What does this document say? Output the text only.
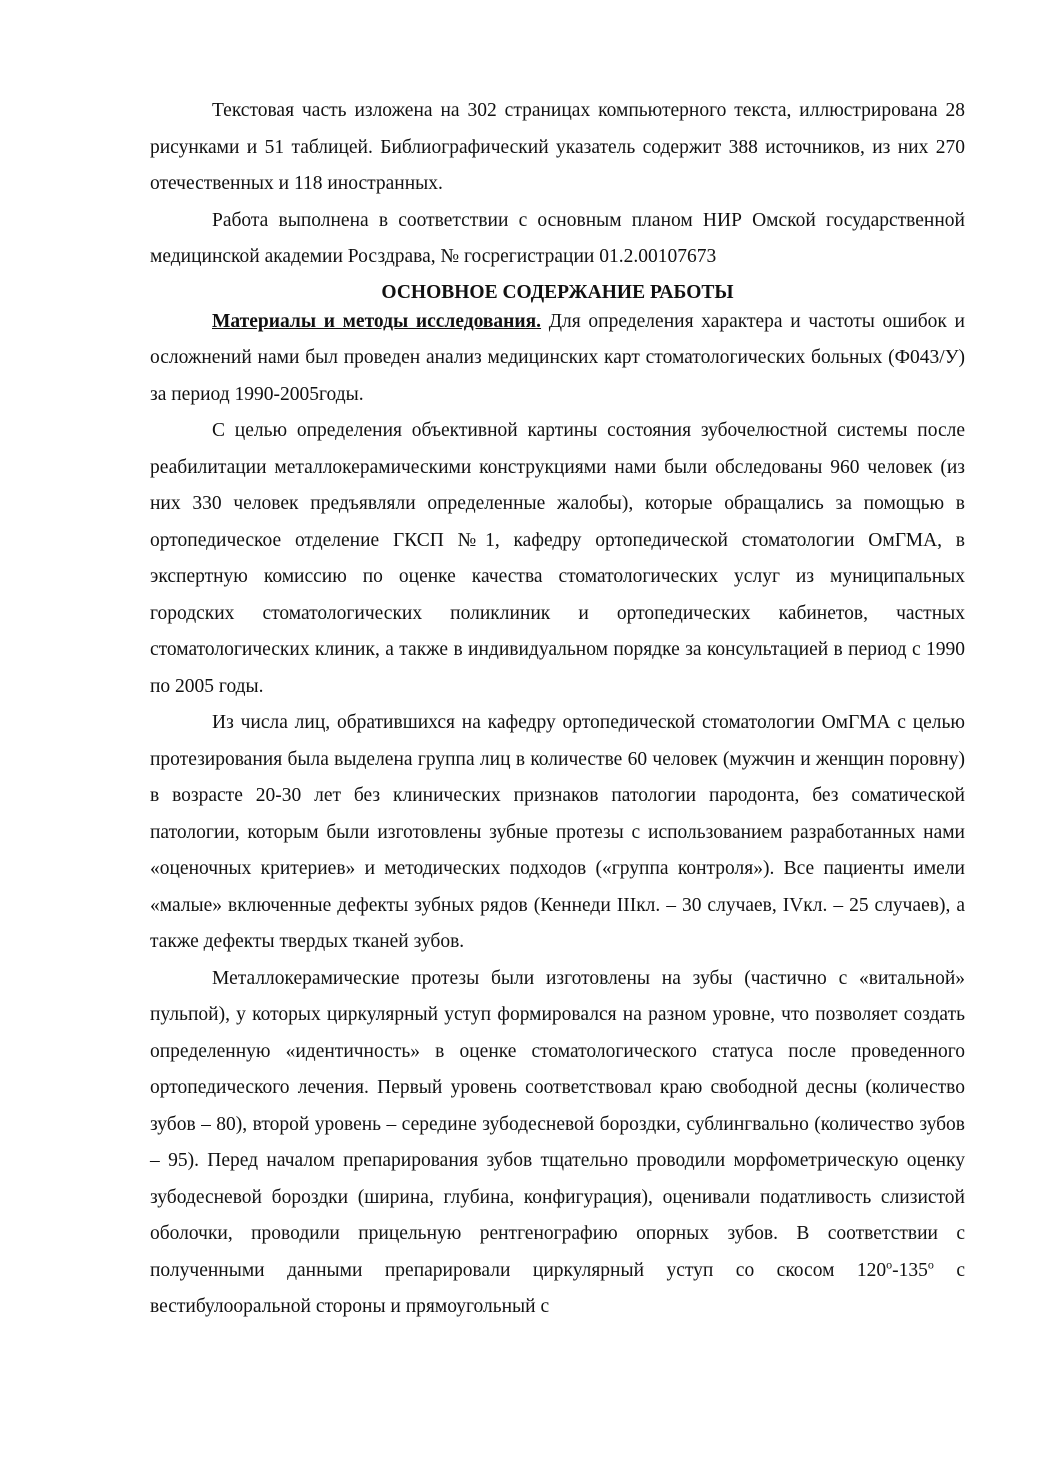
Текстовая часть изложена на 302 страницах компьютерного текста, иллюстрирована 28 рисунками и 51 таблицей. Библиографический указатель содержит 388 источников, из них 270 отечественных и 118 иностранных.

Работа выполнена в соответствии с основным планом НИР Омской государственной медицинской академии Росздрава, № госрегистрации 01.2.00107673

ОСНОВНОЕ СОДЕРЖАНИЕ РАБОТЫ

Материалы и методы исследования. Для определения характера и частоты ошибок и осложнений нами был проведен анализ медицинских карт стоматологических больных (Ф043/У) за период 1990-2005годы.

С целью определения объективной картины состояния зубочелюстной системы после реабилитации металлокерамическими конструкциями нами были обследованы 960 человек (из них 330 человек предъявляли определенные жалобы), которые обращались за помощью в ортопедическое отделение ГКСП №1, кафедру ортопедической стоматологии ОмГМА, в экспертную комиссию по оценке качества стоматологических услуг из муниципальных городских стоматологических поликлиник и ортопедических кабинетов, частных стоматологических клиник, а также в индивидуальном порядке за консультацией в период с 1990 по 2005 годы.

Из числа лиц, обратившихся на кафедру ортопедической стоматологии ОмГМА с целью протезирования была выделена группа лиц в количестве 60 человек (мужчин и женщин поровну) в возрасте 20-30 лет без клинических признаков патологии пародонта, без соматической патологии, которым были изготовлены зубные протезы с использованием разработанных нами «оценочных критериев» и методических подходов («группа контроля»). Все пациенты имели «малые» включенные дефекты зубных рядов (Кеннеди IIIкл. – 30 случаев, IVкл. – 25 случаев), а также дефекты твердых тканей зубов.

Металлокерамические протезы были изготовлены на зубы (частично с «витальной» пульпой), у которых циркулярный уступ формировался на разном уровне, что позволяет создать определенную «идентичность» в оценке стоматологического статуса после проведенного ортопедического лечения. Первый уровень соответствовал краю свободной десны (количество зубов – 80), второй уровень – середине зубодесневой бороздки, сублингвально (количество зубов – 95). Перед началом препарирования зубов тщательно проводили морфометрическую оценку зубодесневой бороздки (ширина, глубина, конфигурация), оценивали податливость слизистой оболочки, проводили прицельную рентгенографию опорных зубов. В соответствии с полученными данными препарировали циркулярный уступ со скосом $120^о-135^о$ с вестибулооральной стороны и прямоугольный с
